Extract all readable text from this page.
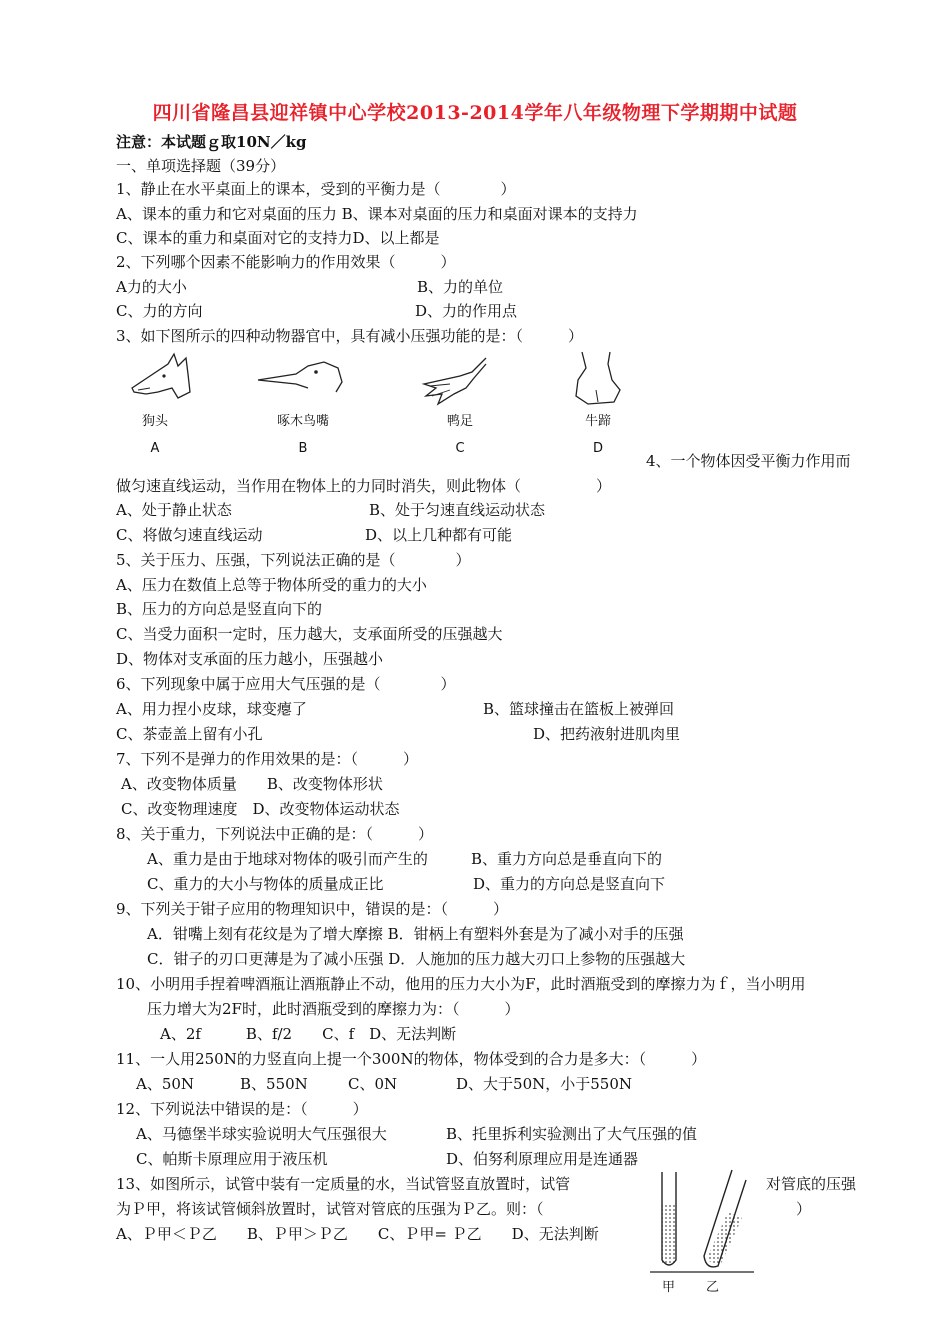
四川省隆昌县迎祥镇中心学校2013-2014学年八年级物理下学期期中试题
注意：本试题ｇ取10N／kg
一、单项选择题（39分）
1、静止在水平桌面上的课本，受到的平衡力是（　　　　）
A、课本的重力和它对桌面的压力 B、课本对桌面的压力和桌面对课本的支持力
C、课本的重力和桌面对它的支持力D、以上都是
2、下列哪个因素不能影响力的作用效果（　　　）
A力的大小	B、力的单位
C、力的方向	D、力的作用点
3、如下图所示的四种动物器官中，具有减小压强功能的是：（　　　）
狗头
A
啄木鸟嘴
B
鸭足
C
牛蹄
D
4、一个物体因受平衡力作用而
做匀速直线运动，当作用在物体上的力同时消失，则此物体（　　　　　）
A、处于静止状态	B、处于匀速直线运动状态
C、将做匀速直线运动	D、以上几种都有可能
5、关于压力、压强，下列说法正确的是（　　　　）
A、压力在数值上总等于物体所受的重力的大小
B、压力的方向总是竖直向下的
C、当受力面积一定时，压力越大，支承面所受的压强越大
D、物体对支承面的压力越小，压强越小
6、下列现象中属于应用大气压强的是（　　　　）
A、用力捏小皮球，球变瘪了	B、篮球撞击在篮板上被弹回
C、茶壶盖上留有小孔	D、把药液射进肌肉里
7、下列不是弹力的作用效果的是：（　　　）
A、改变物体质量　　B、改变物体形状
C、改变物理速度　D、改变物体运动状态
8、关于重力，下列说法中正确的是：（　　　）
A、重力是由于地球对物体的吸引而产生的	B、重力方向总是垂直向下的
C、重力的大小与物体的质量成正比	D、重力的方向总是竖直向下
9、下列关于钳子应用的物理知识中，错误的是：（　　　）
A．钳嘴上刻有花纹是为了增大摩擦 B．钳柄上有塑料外套是为了减小对手的压强
C．钳子的刃口更薄是为了减小压强 D．人施加的压力越大刃口上参物的压强越大
10、小明用手捏着啤酒瓶让酒瓶静止不动，他用的压力大小为F，此时酒瓶受到的摩擦力为ｆ，当小明用
压力增大为2F时，此时酒瓶受到的摩擦力为：（　　　）
A、2f　　　B、f/2　　C、f　D、无法判断
11、一人用250N的力竖直向上提一个300N的物体，物体受到的合力是多大：（　　　）
A、50N	B、550N	C、0N	D、大于50N，小于550N
12、下列说法中错误的是：（　　　）
A、马德堡半球实验说明大气压强很大	B、托里拆利实验测出了大气压强的值
C、帕斯卡原理应用于液压机	D、伯努利原理应用是连通器
13、如图所示，试管中装有一定质量的水，当试管竖直放置时，试管	对管底的压强
为Ｐ甲，将该试管倾斜放置时，试管对管底的压强为Ｐ乙。则：（	）
A、Ｐ甲＜Ｐ乙　　B、Ｐ甲＞Ｐ乙　　C、Ｐ甲= Ｐ乙　　D、无法判断
甲 乙
